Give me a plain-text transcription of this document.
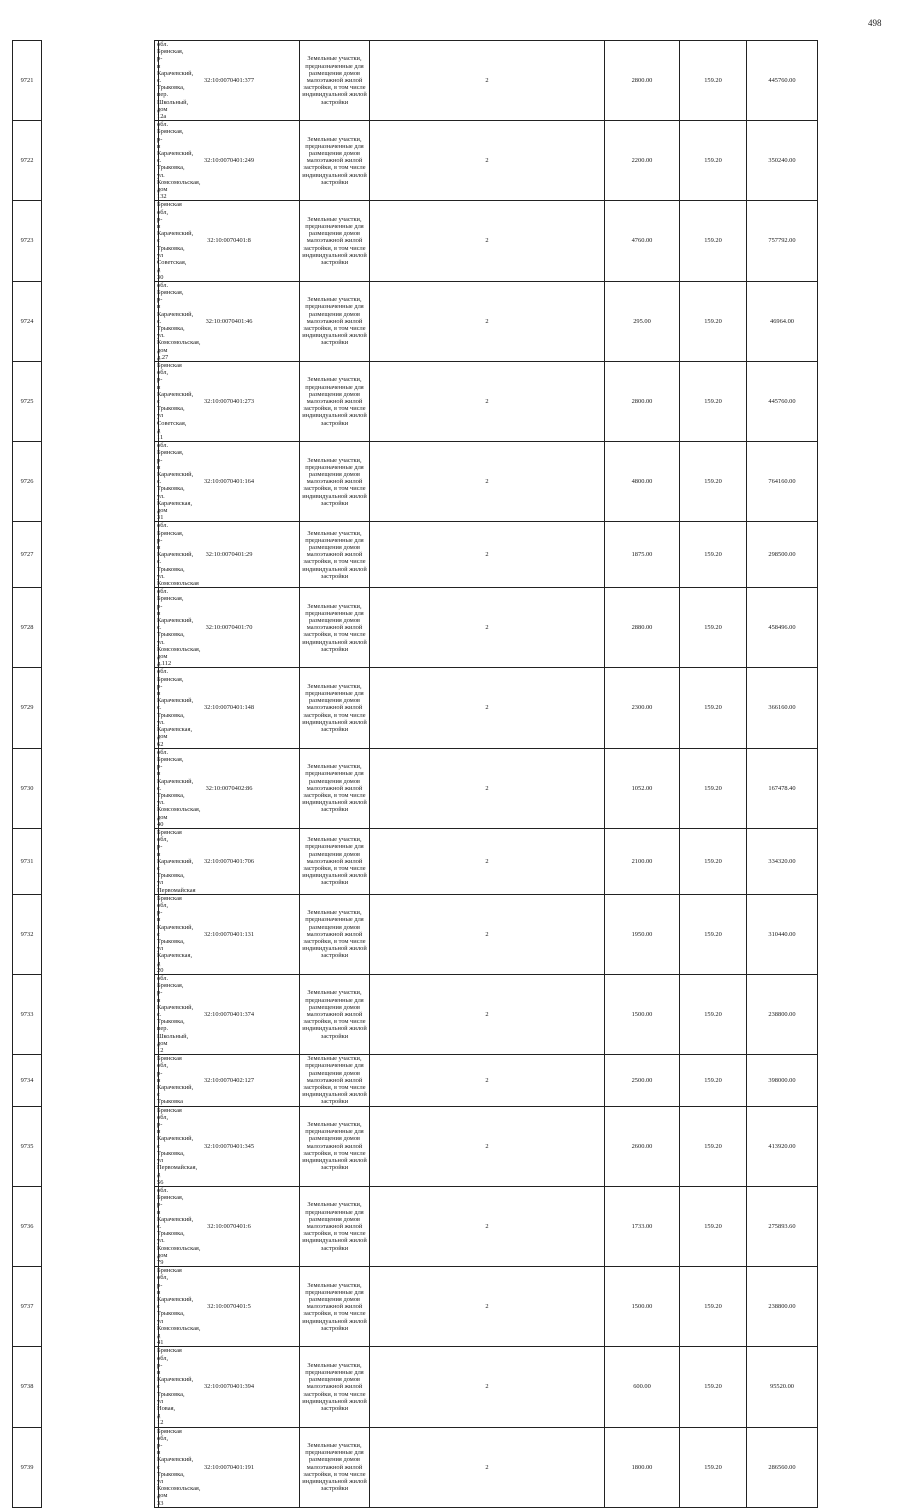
498
9721		обл. Брянская, р-н Карачевский, с. Трыковка, пер. Школьный, дом 12а	32:10:0070401:377	Земельные участки, предназначенные для размещения домов малоэтажной жилой застройки, в том числе индивидуальной жилой застройки	2	2800.00	159.20	445760.00
9722		обл. Брянская, р-н Карачевский, с. Трыковка, ул. Комсомольская, дом 132	32:10:0070401:249	Земельные участки, предназначенные для размещения домов малоэтажной жилой застройки, в том числе индивидуальной жилой застройки	2	2200.00	159.20	350240.00
9723		Брянская обл, р-н Карачевский, с Трыковка, ул Советская, д 30	32:10:0070401:8	Земельные участки, предназначенные для размещения домов малоэтажной жилой застройки, в том числе индивидуальной жилой застройки	2	4760.00	159.20	757792.00
9724		обл. Брянская, р-н Карачевский, с. Трыковка, ул. Комсомольская, дом д.27	32:10:0070401:46	Земельные участки, предназначенные для размещения домов малоэтажной жилой застройки, в том числе индивидуальной жилой застройки	2	295.00	159.20	46964.00
9725		Брянская обл, р-н Карачевский, с Трыковка, ул Советская, д 11	32:10:0070401:273	Земельные участки, предназначенные для размещения домов малоэтажной жилой застройки, в том числе индивидуальной жилой застройки	2	2800.00	159.20	445760.00
9726		обл. Брянская, р-н Карачевский, с. Трыковка, ул. Карачевская, дом 31	32:10:0070401:164	Земельные участки, предназначенные для размещения домов малоэтажной жилой застройки, в том числе индивидуальной жилой застройки	2	4800.00	159.20	764160.00
9727		обл. Брянская, р-н Карачевский, с. Трыковка, ул. Комсомольская	32:10:0070401:29	Земельные участки, предназначенные для размещения домов малоэтажной жилой застройки, в том числе индивидуальной жилой застройки	2	1875.00	159.20	298500.00
9728		обл. Брянская, р-н Карачевский, с. Трыковка, ул. Комсомольская, дом д.112	32:10:0070401:70	Земельные участки, предназначенные для размещения домов малоэтажной жилой застройки, в том числе индивидуальной жилой застройки	2	2880.00	159.20	458496.00
9729		обл. Брянская, р-н Карачевский, с. Трыковка, ул. Карачевская, дом 62	32:10:0070401:148	Земельные участки, предназначенные для размещения домов малоэтажной жилой застройки, в том числе индивидуальной жилой застройки	2	2300.00	159.20	366160.00
9730		обл. Брянская, р-н Карачевский, с. Трыковка, ул. Комсомольская, дом 40	32:10:0070402:86	Земельные участки, предназначенные для размещения домов малоэтажной жилой застройки, в том числе индивидуальной жилой застройки	2	1052.00	159.20	167478.40
9731		Брянская обл, р-н Карачевский, с Трыковка, ул Первомайская	32:10:0070401:706	Земельные участки, предназначенные для размещения домов малоэтажной жилой застройки, в том числе индивидуальной жилой застройки	2	2100.00	159.20	334320.00
9732		Брянская обл, р-н Карачевский, с Трыковка, ул Карачевская, д 20	32:10:0070401:131	Земельные участки, предназначенные для размещения домов малоэтажной жилой застройки, в том числе индивидуальной жилой застройки	2	1950.00	159.20	310440.00
9733		обл. Брянская, р-н Карачевский, с. Трыковка, пер. Школьный, дом 12	32:10:0070401:374	Земельные участки, предназначенные для размещения домов малоэтажной жилой застройки, в том числе индивидуальной жилой застройки	2	1500.00	159.20	238800.00
9734		Брянская обл, р-н Карачевский, с Трыковка	32:10:0070402:127	Земельные участки, предназначенные для размещения домов малоэтажной жилой застройки, в том числе индивидуальной жилой застройки	2	2500.00	159.20	398000.00
9735		Брянская обл, р-н Карачевский, с Трыковка, ул Первомайская, д 56	32:10:0070401:345	Земельные участки, предназначенные для размещения домов малоэтажной жилой застройки, в том числе индивидуальной жилой застройки	2	2600.00	159.20	413920.00
9736		обл. Брянская, р-н Карачевский, с. Трыковка, ул. Комсомольская, дом 79	32:10:0070401:6	Земельные участки, предназначенные для размещения домов малоэтажной жилой застройки, в том числе индивидуальной жилой застройки	2	1733.00	159.20	275893.60
9737		Брянская обл, р-н Карачевский, с Трыковка, ул Комсомольская, д 41	32:10:0070401:5	Земельные участки, предназначенные для размещения домов малоэтажной жилой застройки, в том числе индивидуальной жилой застройки	2	1500.00	159.20	238800.00
9738		Брянская обл, р-н Карачевский, с Трыковка, ул Новая, д 12	32:10:0070401:394	Земельные участки, предназначенные для размещения домов малоэтажной жилой застройки, в том числе индивидуальной жилой застройки	2	600.00	159.20	95520.00
9739		Брянская обл, р-н Карачевский, с Трыковка, ул Комсомольская, дом 33	32:10:0070401:191	Земельные участки, предназначенные для размещения домов малоэтажной жилой застройки, в том числе индивидуальной жилой застройки	2	1800.00	159.20	286560.00
